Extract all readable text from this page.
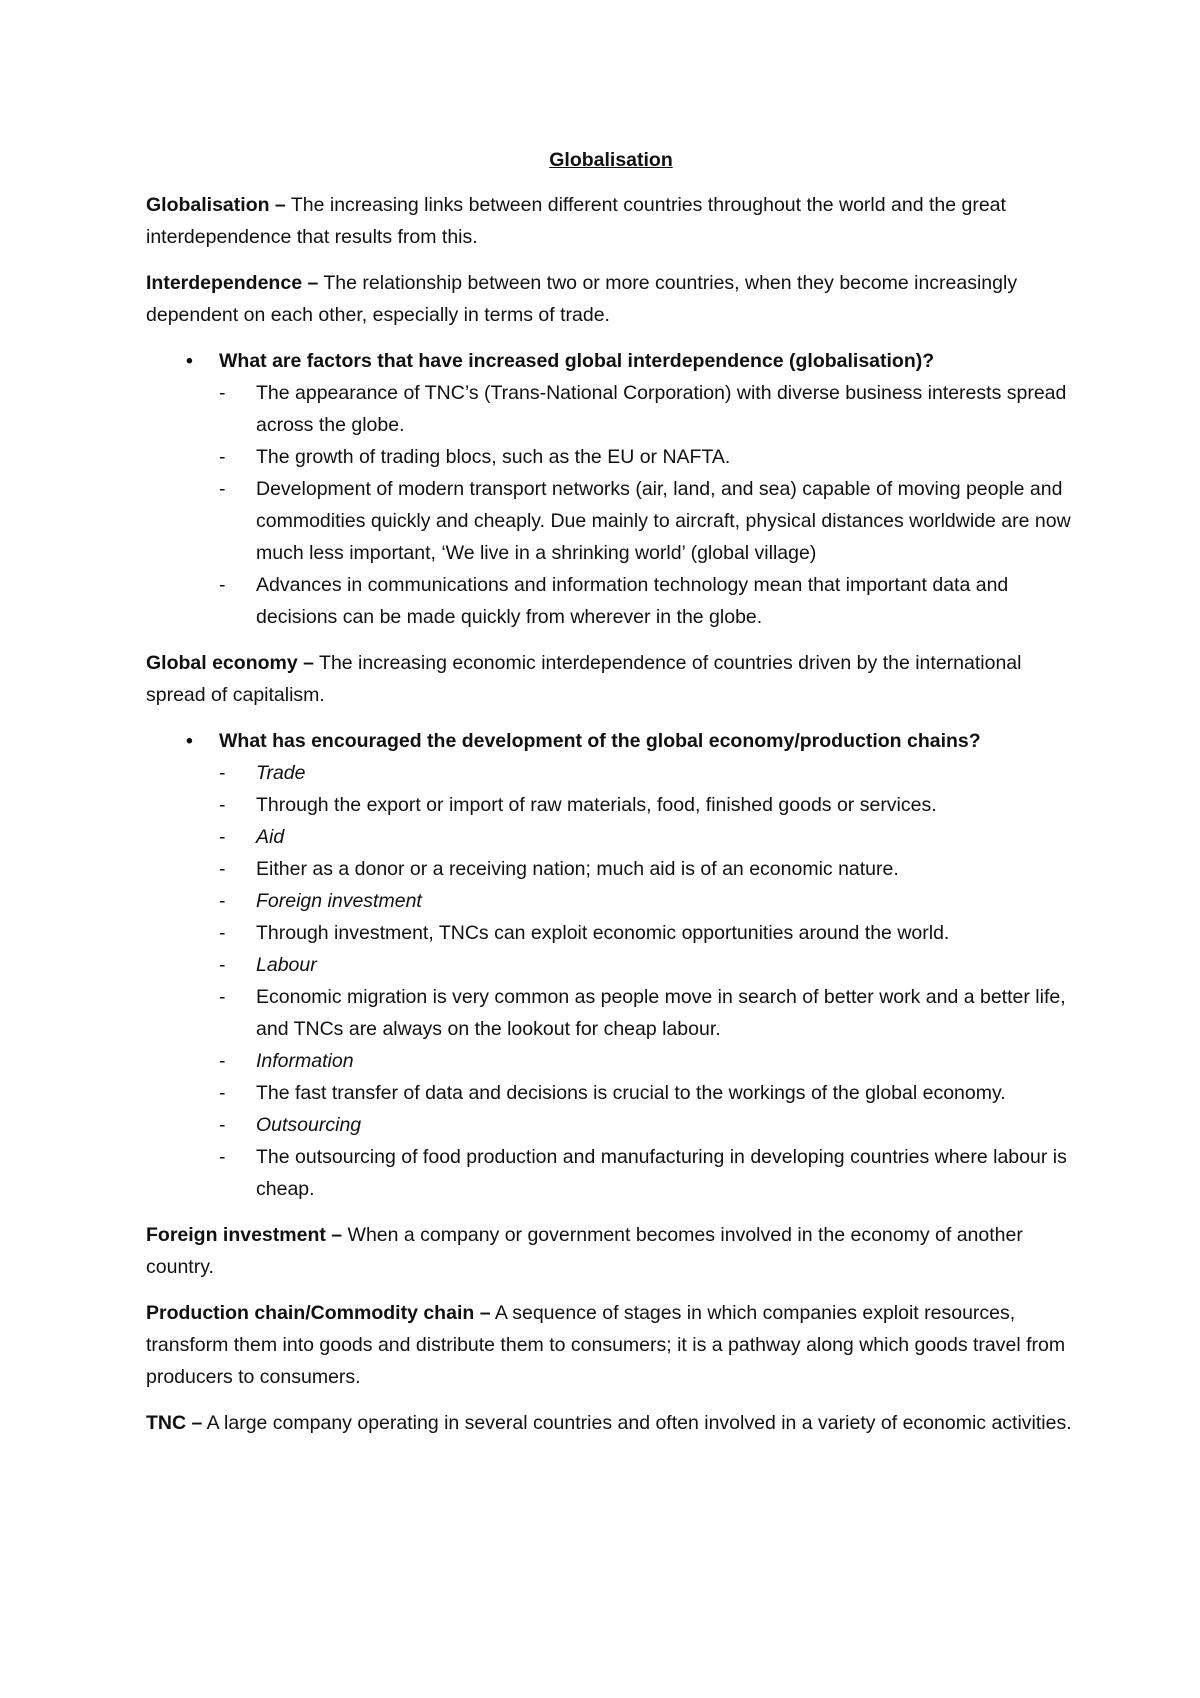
Globalisation

Globalisation – The increasing links between different countries throughout the world and the great interdependence that results from this.

Interdependence – The relationship between two or more countries, when they become increasingly dependent on each other, especially in terms of trade.

• What are factors that have increased global interdependence (globalisation)?

- The appearance of TNC’s (Trans-National Corporation) with diverse business interests spread across the globe.
- The growth of trading blocs, such as the EU or NAFTA.
- Development of modern transport networks (air, land, and sea) capable of moving people and commodities quickly and cheaply. Due mainly to aircraft, physical distances worldwide are now much less important, ‘We live in a shrinking world’ (global village)
- Advances in communications and information technology mean that important data and decisions can be made quickly from wherever in the globe.

Global economy – The increasing economic interdependence of countries driven by the international spread of capitalism.

• What has encouraged the development of the global economy/production chains?

- Trade
- Through the export or import of raw materials, food, finished goods or services.
- Aid
- Either as a donor or a receiving nation; much aid is of an economic nature.
- Foreign investment
- Through investment, TNCs can exploit economic opportunities around the world.
- Labour
- Economic migration is very common as people move in search of better work and a better life, and TNCs are always on the lookout for cheap labour.
- Information
- The fast transfer of data and decisions is crucial to the workings of the global economy.
- Outsourcing
- The outsourcing of food production and manufacturing in developing countries where labour is cheap.

Foreign investment – When a company or government becomes involved in the economy of another country.

Production chain/Commodity chain – A sequence of stages in which companies exploit resources, transform them into goods and distribute them to consumers; it is a pathway along which goods travel from producers to consumers.

TNC – A large company operating in several countries and often involved in a variety of economic activities.
